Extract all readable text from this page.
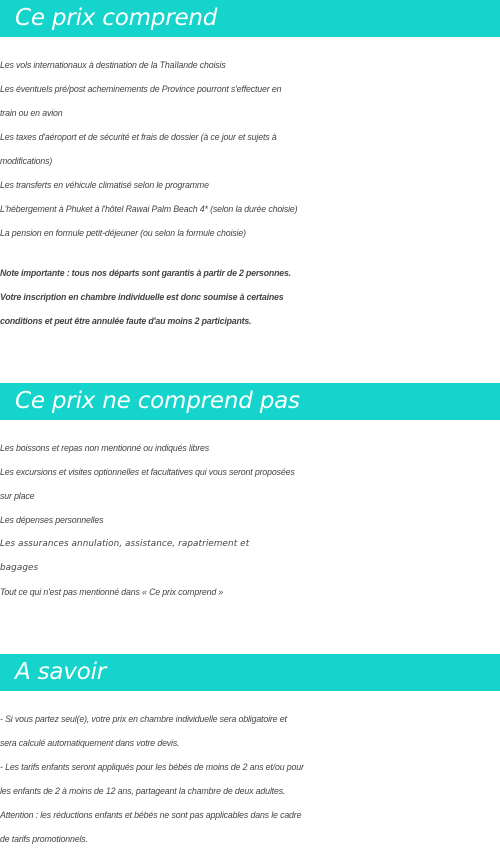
Ce prix comprend
Les vols internationaux à destination de la Thaïlande choisis
Les éventuels pré/post acheminements de Province pourront s'effectuer en
train ou en avion
Les taxes d'aéroport et de sécurité et frais de dossier (à ce jour et sujets à
modifications)
Les transferts en véhicule climatisé selon le programme
L'hébergement à Phuket à l'hôtel Rawai Palm Beach 4* (selon la durée choisie)
La pension en formule petit-déjeuner (ou selon la formule choisie)
Note importante : tous nos départs sont garantis à partir de 2 personnes.
Votre inscription en chambre individuelle est donc soumise à certaines
conditions et peut être annulée faute d'au moins 2 participants.
Ce prix ne comprend pas
Les boissons et repas non mentionné ou indiqués libres
Les excursions et visites optionnelles et facultatives qui vous seront proposées
sur place
Les dépenses personnelles
Les assurances annulation, assistance, rapatriement et
bagages
Tout ce qui n'est pas mentionné dans « Ce prix comprend »
A savoir
- Si vous partez seul(e), votre prix en chambre individuelle sera obligatoire et
sera calculé automatiquement dans votre devis.
- Les tarifs enfants seront appliqués pour les bébés de moins de 2 ans et/ou pour
les enfants de 2 à moins de 12 ans, partageant la chambre de deux adultes.
Attention : les réductions enfants et bébés ne sont pas applicables dans le cadre
de tarifs promotionnels.
